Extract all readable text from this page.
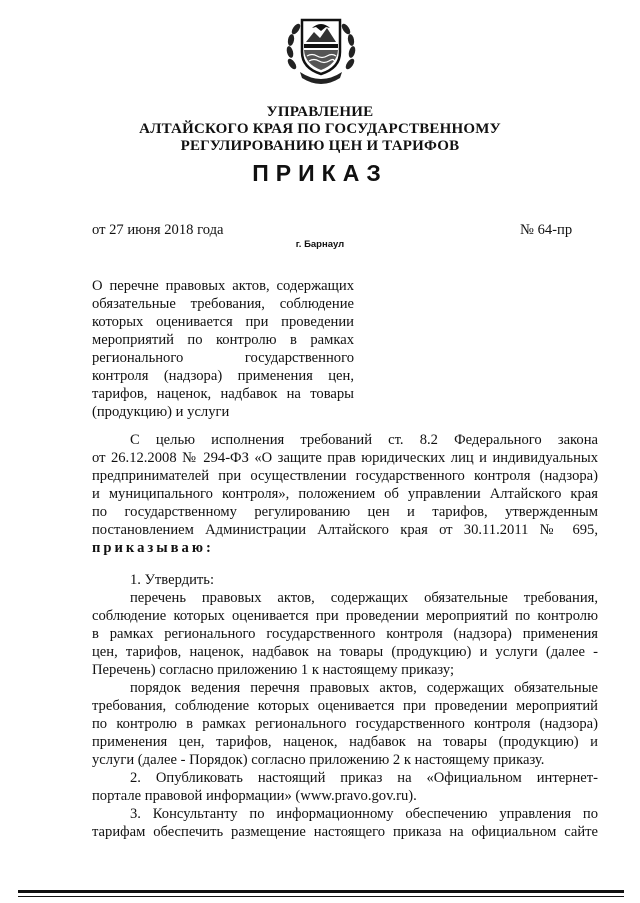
УПРАВЛЕНИЕ
АЛТАЙСКОГО КРАЯ ПО ГОСУДАРСТВЕННОМУ
РЕГУЛИРОВАНИЮ ЦЕН И ТАРИФОВ
ПРИКАЗ
от 27 июня 2018 года	№ 64-пр
г. Барнаул
О перечне правовых актов, содержащих
обязательные требования, соблюдение
которых оценивается при проведении
мероприятий по контролю в рамках
регионального государственного
контроля (надзора) применения цен,
тарифов, наценок, надбавок на товары
(продукцию) и услуги
С целью исполнения требований ст. 8.2 Федерального закона
от 26.12.2008 № 294-ФЗ «О защите прав юридических лиц и индивидуальных
предпринимателей при осуществлении государственного контроля (надзора)
и муниципального контроля», положением об управлении Алтайского края
по государственному регулированию цен и тарифов, утвержденным
постановлением Администрации Алтайского края от 30.11.2011 № 695,
приказываю:
1. Утвердить:
перечень правовых актов, содержащих обязательные требования,
соблюдение которых оценивается при проведении мероприятий по контролю
в рамках регионального государственного контроля (надзора) применения
цен, тарифов, наценок, надбавок на товары (продукцию) и услуги (далее -
Перечень) согласно приложению 1 к настоящему приказу;
порядок ведения перечня правовых актов, содержащих обязательные
требования, соблюдение которых оценивается при проведении мероприятий
по контролю в рамках регионального государственного контроля (надзора)
применения цен, тарифов, наценок, надбавок на товары (продукцию) и
услуги (далее - Порядок) согласно приложению 2 к настоящему приказу.
2. Опубликовать настоящий приказ на «Официальном интернет-
портале правовой информации» (www.pravo.gov.ru).
3. Консультанту по информационному обеспечению управления по
тарифам обеспечить размещение настоящего приказа на официальном сайте
